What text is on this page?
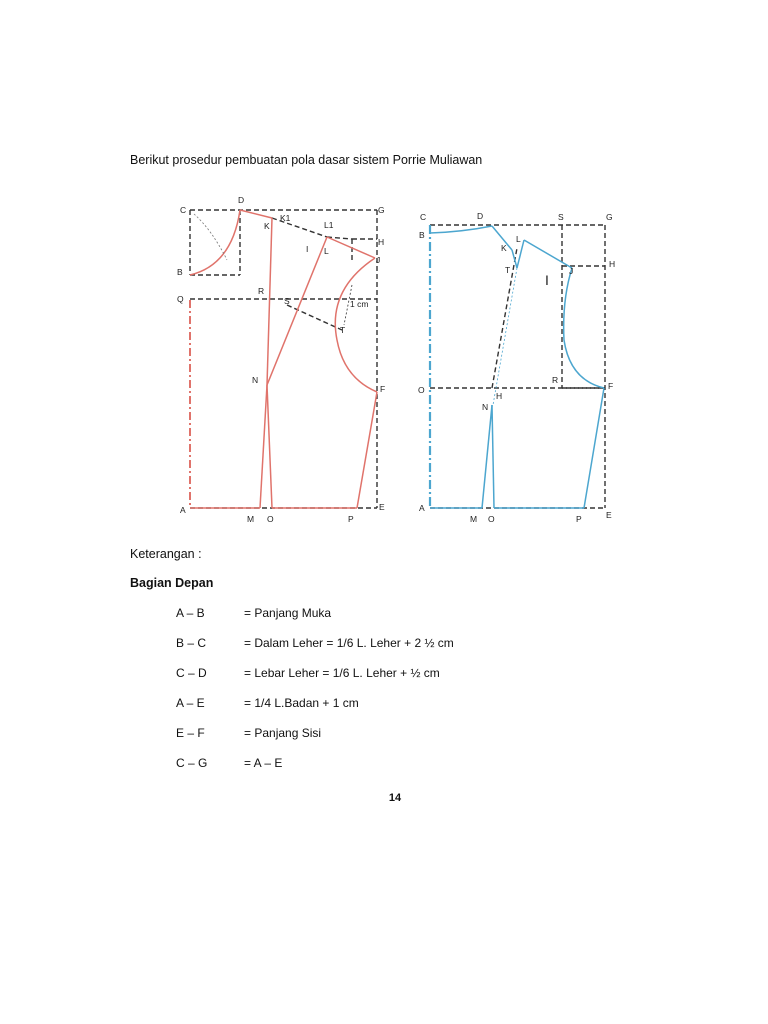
Berikut prosedur pembuatan pola dasar sistem Porrie Muliawan
C
D
K
K1
G
L1
H
I L
J
B
Q
R
S	1 cm
T
N
F
A
M O	P
E
C	D	S	G
B	L
K
H
T
I
J
R
F
O
H
N
A
M O	P	E
Keterangan :
Bagian Depan
A – B	= Panjang Muka
B – C	= Dalam Leher = 1/6 L. Leher + 2 ½ cm
C – D	= Lebar Leher = 1/6 L. Leher + ½ cm
A – E	= 1/4 L.Badan + 1 cm
E – F	= Panjang Sisi
C – G	= A – E
14
